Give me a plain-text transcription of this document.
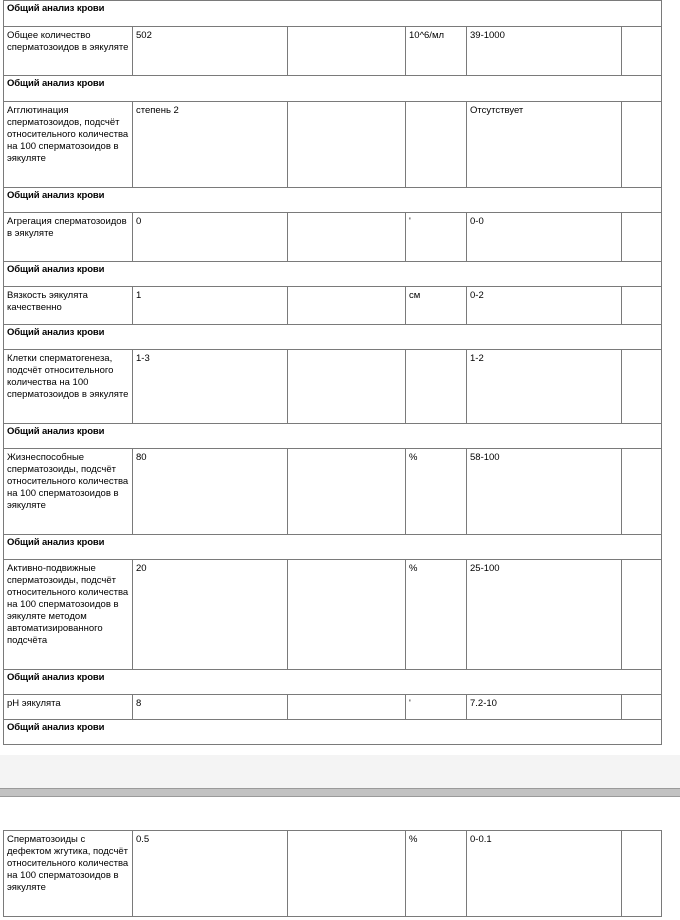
Общий анализ крови					
Общее количество сперматозоидов в эякуляте	502		10^6/мл	39-1000	
Общий анализ крови					
Агглютинация сперматозоидов, подсчёт относительного количества на 100 сперматозоидов в эякуляте	степень 2			Отсутствует	
Общий анализ крови					
Агрегация сперматозоидов в эякуляте	0		'	0-0	
Общий анализ крови					
Вязкость эякулята качественно	1		см	0-2	
Общий анализ крови					
Клетки сперматогенеза, подсчёт относительного количества на 100 сперматозоидов в эякуляте	1-3			1-2	
Общий анализ крови					
Жизнеспособные сперматозоиды, подсчёт относительного количества на 100 сперматозоидов в эякуляте	80		%	58-100	
Общий анализ крови					
Активно-подвижные сперматозоиды, подсчёт относительного количества на 100 сперматозоидов в эякуляте методом автоматизированного подсчёта	20		%	25-100	
Общий анализ крови					
pH эякулята	8		'	7.2-10	
Общий анализ крови					
Сперматозоиды с дефектом жгутика, подсчёт относительного количества на 100 сперматозоидов в эякуляте	0.5		%	0-0.1	
